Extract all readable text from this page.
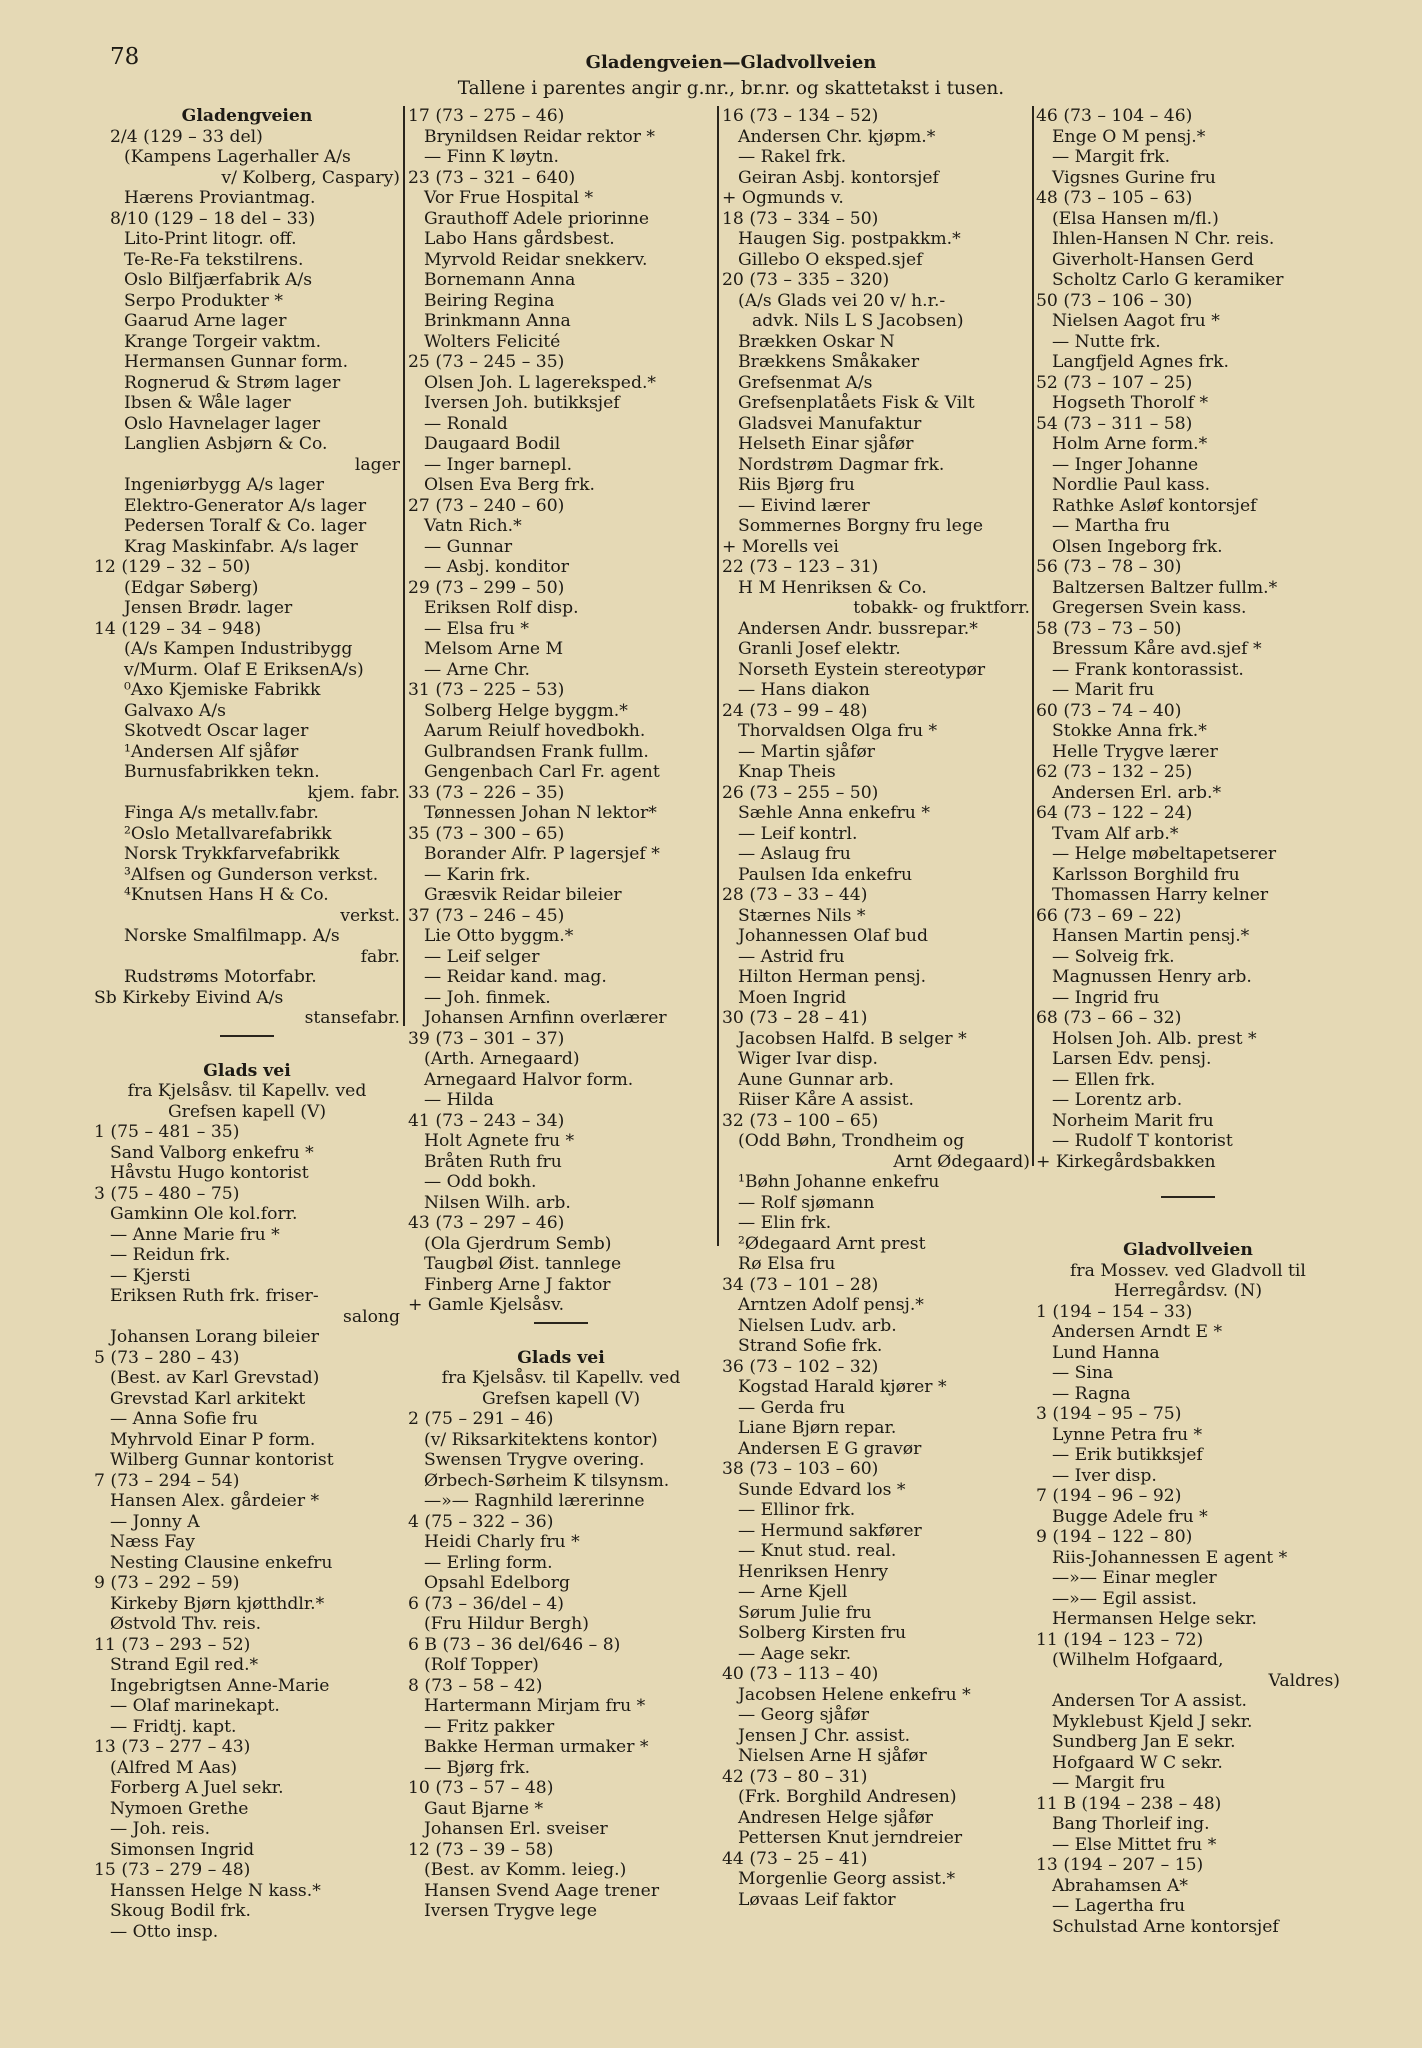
78	Gladengveien—Gladvollveien
Tallene i parentes angir g.nr., br.nr. og skattetakst i tusen.
Gladengveien
2/4 (129 – 33 del)
(Kampens Lagerhaller A/s
v/ Kolberg, Caspary)
Hærens Proviantmag.
8/10 (129 – 18 del – 33)
Lito-Print litogr. off.
Te-Re-Fa tekstilrens.
Oslo Bilfjærfabrik A/s
Serpo Produkter *
Gaarud Arne lager
Krange Torgeir vaktm.
Hermansen Gunnar form.
Rognerud & Strøm lager
Ibsen & Wåle lager
Oslo Havnelager lager
Langlien Asbjørn & Co.
lager
Ingeniørbygg A/s lager
Elektro-Generator A/s lager
Pedersen Toralf & Co. lager
Krag Maskinfabr. A/s lager
12 (129 – 32 – 50)
(Edgar Søberg)
Jensen Brødr. lager
14 (129 – 34 – 948)
(A/s Kampen Industribygg
v/Murm. Olaf E EriksenA/s)
⁰Axo Kjemiske Fabrikk
Galvaxo A/s
Skotvedt Oscar lager
¹Andersen Alf sjåfør
Burnusfabrikken tekn.
kjem. fabr.
Finga A/s metallv.fabr.
²Oslo Metallvarefabrikk
Norsk Trykkfarvefabrikk
³Alfsen og Gunderson verkst.
⁴Knutsen Hans H & Co.
verkst.
Norske Smalfilmapp. A/s
fabr.
Rudstrøms Motorfabr.
Sb Kirkeby Eivind A/s
stansefabr.
Glads vei
fra Kjelsåsv. til Kapellv. ved
Grefsen kapell (V)
1 (75 – 481 – 35)
Sand Valborg enkefru *
Håvstu Hugo kontorist
3 (75 – 480 – 75)
Gamkinn Ole kol.forr.
— Anne Marie fru *
— Reidun frk.
— Kjersti
Eriksen Ruth frk. friser-
salong
Johansen Lorang bileier
5 (73 – 280 – 43)
(Best. av Karl Grevstad)
Grevstad Karl arkitekt
— Anna Sofie fru
Myhrvold Einar P form.
Wilberg Gunnar kontorist
7 (73 – 294 – 54)
Hansen Alex. gårdeier *
— Jonny A
Næss Fay
Nesting Clausine enkefru
9 (73 – 292 – 59)
Kirkeby Bjørn kjøtthdlr.*
Østvold Thv. reis.
11 (73 – 293 – 52)
Strand Egil red.*
Ingebrigtsen Anne-Marie
— Olaf marinekapt.
— Fridtj. kapt.
13 (73 – 277 – 43)
(Alfred M Aas)
Forberg A Juel sekr.
Nymoen Grethe
— Joh. reis.
Simonsen Ingrid
15 (73 – 279 – 48)
Hanssen Helge N kass.*
Skoug Bodil frk.
— Otto insp.
17 (73 – 275 – 46)
Brynildsen Reidar rektor *
— Finn K løytn.
23 (73 – 321 – 640)
Vor Frue Hospital *
Grauthoff Adele priorinne
Labo Hans gårdsbest.
Myrvold Reidar snekkerv.
Bornemann Anna
Beiring Regina
Brinkmann Anna
Wolters Felicité
25 (73 – 245 – 35)
Olsen Joh. L lagereksped.*
Iversen Joh. butikksjef
— Ronald
Daugaard Bodil
— Inger barnepl.
Olsen Eva Berg frk.
27 (73 – 240 – 60)
Vatn Rich.*
— Gunnar
— Asbj. konditor
29 (73 – 299 – 50)
Eriksen Rolf disp.
— Elsa fru *
Melsom Arne M
— Arne Chr.
31 (73 – 225 – 53)
Solberg Helge byggm.*
Aarum Reiulf hovedbokh.
Gulbrandsen Frank fullm.
Gengenbach Carl Fr. agent
33 (73 – 226 – 35)
Tønnessen Johan N lektor*
35 (73 – 300 – 65)
Borander Alfr. P lagersjef *
— Karin frk.
Græsvik Reidar bileier
37 (73 – 246 – 45)
Lie Otto byggm.*
— Leif selger
— Reidar kand. mag.
— Joh. finmek.
Johansen Arnfinn overlærer
39 (73 – 301 – 37)
(Arth. Arnegaard)
Arnegaard Halvor form.
— Hilda
41 (73 – 243 – 34)
Holt Agnete fru *
Bråten Ruth fru
— Odd bokh.
Nilsen Wilh. arb.
43 (73 – 297 – 46)
(Ola Gjerdrum Semb)
Taugbøl Øist. tannlege
Finberg Arne J faktor
+ Gamle Kjelsåsv.
Glads vei
fra Kjelsåsv. til Kapellv. ved
Grefsen kapell (V)
2 (75 – 291 – 46)
(v/ Riksarkitektens kontor)
Swensen Trygve overing.
Ørbech-Sørheim K tilsynsm.
—»— Ragnhild lærerinne
4 (75 – 322 – 36)
Heidi Charly fru *
— Erling form.
Opsahl Edelborg
6 (73 – 36/del – 4)
(Fru Hildur Bergh)
6 B (73 – 36 del/646 – 8)
(Rolf Topper)
8 (73 – 58 – 42)
Hartermann Mirjam fru *
— Fritz pakker
Bakke Herman urmaker *
— Bjørg frk.
10 (73 – 57 – 48)
Gaut Bjarne *
Johansen Erl. sveiser
12 (73 – 39 – 58)
(Best. av Komm. leieg.)
Hansen Svend Aage trener
Iversen Trygve lege
16 (73 – 134 – 52)
Andersen Chr. kjøpm.*
— Rakel frk.
Geiran Asbj. kontorsjef
+ Ogmunds v.
18 (73 – 334 – 50)
Haugen Sig. postpakkm.*
Gillebo O eksped.sjef
20 (73 – 335 – 320)
(A/s Glads vei 20 v/ h.r.-
advk. Nils L S Jacobsen)
Brækken Oskar N
Brækkens Småkaker
Grefsenmat A/s
Grefsenplatåets Fisk & Vilt
Gladsvei Manufaktur
Helseth Einar sjåfør
Nordstrøm Dagmar frk.
Riis Bjørg fru
— Eivind lærer
Sommernes Borgny fru lege
+ Morells vei
22 (73 – 123 – 31)
H M Henriksen & Co.
tobakk- og fruktforr.
Andersen Andr. bussrepar.*
Granli Josef elektr.
Norseth Eystein stereotypør
— Hans diakon
24 (73 – 99 – 48)
Thorvaldsen Olga fru *
— Martin sjåfør
Knap Theis
26 (73 – 255 – 50)
Sæhle Anna enkefru *
— Leif kontrl.
— Aslaug fru
Paulsen Ida enkefru
28 (73 – 33 – 44)
Stærnes Nils *
Johannessen Olaf bud
— Astrid fru
Hilton Herman pensj.
Moen Ingrid
30 (73 – 28 – 41)
Jacobsen Halfd. B selger *
Wiger Ivar disp.
Aune Gunnar arb.
Riiser Kåre A assist.
32 (73 – 100 – 65)
(Odd Bøhn, Trondheim og
Arnt Ødegaard)
¹Bøhn Johanne enkefru
— Rolf sjømann
— Elin frk.
²Ødegaard Arnt prest
Rø Elsa fru
34 (73 – 101 – 28)
Arntzen Adolf pensj.*
Nielsen Ludv. arb.
Strand Sofie frk.
36 (73 – 102 – 32)
Kogstad Harald kjører *
— Gerda fru
Liane Bjørn repar.
Andersen E G gravør
38 (73 – 103 – 60)
Sunde Edvard los *
— Ellinor frk.
— Hermund sakfører
— Knut stud. real.
Henriksen Henry
— Arne Kjell
Sørum Julie fru
Solberg Kirsten fru
— Aage sekr.
40 (73 – 113 – 40)
Jacobsen Helene enkefru *
— Georg sjåfør
Jensen J Chr. assist.
Nielsen Arne H sjåfør
42 (73 – 80 – 31)
(Frk. Borghild Andresen)
Andresen Helge sjåfør
Pettersen Knut jerndreier
44 (73 – 25 – 41)
Morgenlie Georg assist.*
Løvaas Leif faktor
46 (73 – 104 – 46)
Enge O M pensj.*
— Margit frk.
Vigsnes Gurine fru
48 (73 – 105 – 63)
(Elsa Hansen m/fl.)
Ihlen-Hansen N Chr. reis.
Giverholt-Hansen Gerd
Scholtz Carlo G keramiker
50 (73 – 106 – 30)
Nielsen Aagot fru *
— Nutte frk.
Langfjeld Agnes frk.
52 (73 – 107 – 25)
Hogseth Thorolf *
54 (73 – 311 – 58)
Holm Arne form.*
— Inger Johanne
Nordlie Paul kass.
Rathke Asløf kontorsjef
— Martha fru
Olsen Ingeborg frk.
56 (73 – 78 – 30)
Baltzersen Baltzer fullm.*
Gregersen Svein kass.
58 (73 – 73 – 50)
Bressum Kåre avd.sjef *
— Frank kontorassist.
— Marit fru
60 (73 – 74 – 40)
Stokke Anna frk.*
Helle Trygve lærer
62 (73 – 132 – 25)
Andersen Erl. arb.*
64 (73 – 122 – 24)
Tvam Alf arb.*
— Helge møbeltapetserer
Karlsson Borghild fru
Thomassen Harry kelner
66 (73 – 69 – 22)
Hansen Martin pensj.*
— Solveig frk.
Magnussen Henry arb.
— Ingrid fru
68 (73 – 66 – 32)
Holsen Joh. Alb. prest *
Larsen Edv. pensj.
— Ellen frk.
— Lorentz arb.
Norheim Marit fru
— Rudolf T kontorist
+ Kirkegårdsbakken
Gladvollveien
fra Mossev. ved Gladvoll til
Herregårdsv. (N)
1 (194 – 154 – 33)
Andersen Arndt E *
Lund Hanna
— Sina
— Ragna
3 (194 – 95 – 75)
Lynne Petra fru *
— Erik butikksjef
— Iver disp.
7 (194 – 96 – 92)
Bugge Adele fru *
9 (194 – 122 – 80)
Riis-Johannessen E agent *
—»— Einar megler
—»— Egil assist.
Hermansen Helge sekr.
11 (194 – 123 – 72)
(Wilhelm Hofgaard,
Valdres)
Andersen Tor A assist.
Myklebust Kjeld J sekr.
Sundberg Jan E sekr.
Hofgaard W C sekr.
— Margit fru
11 B (194 – 238 – 48)
Bang Thorleif ing.
— Else Mittet fru *
13 (194 – 207 – 15)
Abrahamsen A*
— Lagertha fru
Schulstad Arne kontorsjef
